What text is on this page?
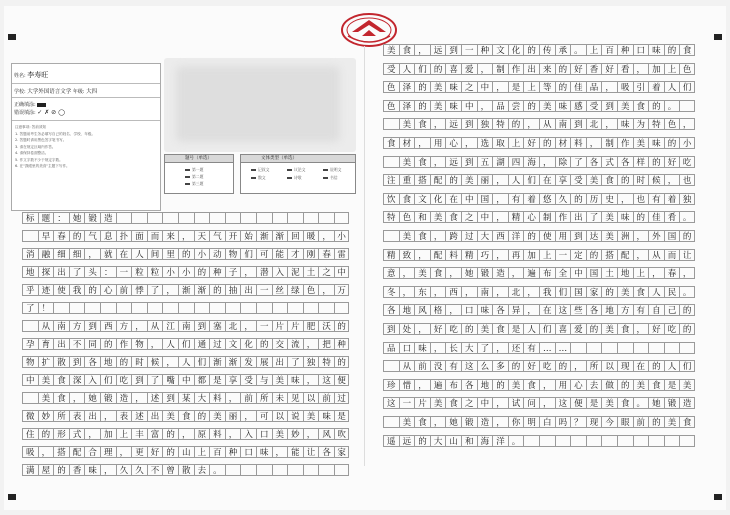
姓名: 李寿旺
学校: 大学外国语言文学 年级: 大四
正确填涂:
错误填涂: ✓ ✗ ⊘ ◯
注意事项: 答前须知
1. 答题前考生务必填写自己的姓名、学校、年级。
2. 答题时请用黑色签字笔书写。
3. 请在规定区域内作答。
4. 请保持卷面整洁。
5. 作文字数不少于规定字数。
6. 在"我眼里的美食"主题下写作。
题号（单选）
第一题
第二题
第三题
文体类型（单选）
记叙文	议论文	说明文
散文	诗歌	书信
标 题 ： 她 锻 造
早 春 的 气 息 扑 面 而 来 ， 天 气 开 始 渐 渐 回 暖 ， 小
消 融 细 细 ， 就 在 人 间 里 的 小 动 物 们 可 能 才 刚 春 雷
地 探 出 了 头 ： 一 粒 粒 小 小 的 种 子 ， 潜 入 泥 土 之 中
乎 迹 使 我 的 心 前 悸 了 ， 渐 渐 的 抽 出 一 丝 绿 色 ， 万
了 ！
从 南 方 到 西 方 ， 从 江 南 到 塞 北 ， 一 片 片 肥 沃 的
孕 育 出 不 同 的 作 物 ， 人 们 通 过 文 化 的 交 流 ， 把 种
物 扩 散 到 各 地 的 时 候 ， 人 们 渐 渐 发 展 出 了 独 特 的
中 美 食 深 入 们 吃 到 了 嘴 中 都 是 享 受 与 美 味 ， 这 便
美 食 ， 她 锻 造 ， 述 到 某 大 料 ， 前 所 未 见 以 前 过
微 妙 所 表 出 ， 表 述 出 美 食 的 美 丽 ， 可 以 说 美 味 是
住 的 形 式 ， 加 上 丰 富 的 ， 原 料 ， 入 口 美 妙 ， 风 吹
吸 ， 搭 配 合 理 ， 更 好 的 山 上 百 种 口 味 ， 能 让 各 家
满 屋 的 香 味 ， 久 久 不 曾 散 去 。
美 食 ， 远 到 一 种 文 化 的 传 承 。 上 百 种 口 味 的 食
受 人 们 的 喜 爱 ， 制 作 出 来 的 好 香 好 看 ， 加 上 色
色 泽 的 美 味 之 中 ， 是 上 等 的 佳 品 ， 吸 引 着 人 们
色 泽 的 美 味 中 ， 品 尝 的 美 味 感 受 到 美 食 的 。
美 食 ， 远 到 独 特 的 ， 从 南 到 北 ， 味 为 特 色 ，
食 材 ， 用 心 ， 选 取 上 好 的 材 料 ， 制 作 美 味 的 小
美 食 ， 远 到 五 湖 四 海 ， 除 了 各 式 各 样 的 好 吃
注 重 搭 配 的 美 丽 ， 人 们 在 享 受 美 食 的 时 候 ， 也
饮 食 文 化 在 中 国 ， 有 着 悠 久 的 历 史 ， 也 有 着 独
特 色 和 美 食 之 中 ， 精 心 制 作 出 了 美 味 的 佳 肴 。
美 食 ， 跨 过 大 西 洋 的 使 用 到 达 美 洲 ， 外 国 的
精 致 ， 配 料 精 巧 ， 再 加 上 一 定 的 搭 配 ， 从 而 让
意 ， 美 食 ， 她 锻 造 ， 遍 布 全 中 国 土 地 上 ， 春 ，
冬 ， 东 ， 西 ， 南 ， 北 ， 我 们 国 家 的 美 食 人 民 。
各 地 风 格 ， 口 味 各 异 ， 在 这 些 各 地 方 有 自 己 的
到 处 ， 好 吃 的 美 食 是 人 们 喜 爱 的 美 食 ， 好 吃 的
品 口 味 ， 长 大 了 ， 还 有 … …
从 前 没 有 这 么 多 的 好 吃 的 ， 所 以 现 在 的 人 们
珍 惜 ， 遍 布 各 地 的 美 食 ， 用 心 去 做 的 美 食 是 美
这 一 片 美 食 之 中 ， 试 问 ， 这 便 是 美 食 。 她 锻 造
美 食 ， 她 锻 造 ， 你 明 白 吗 ？ 现 今 眼 前 的 美 食
遥 远 的 大 山 和 海 洋 。
